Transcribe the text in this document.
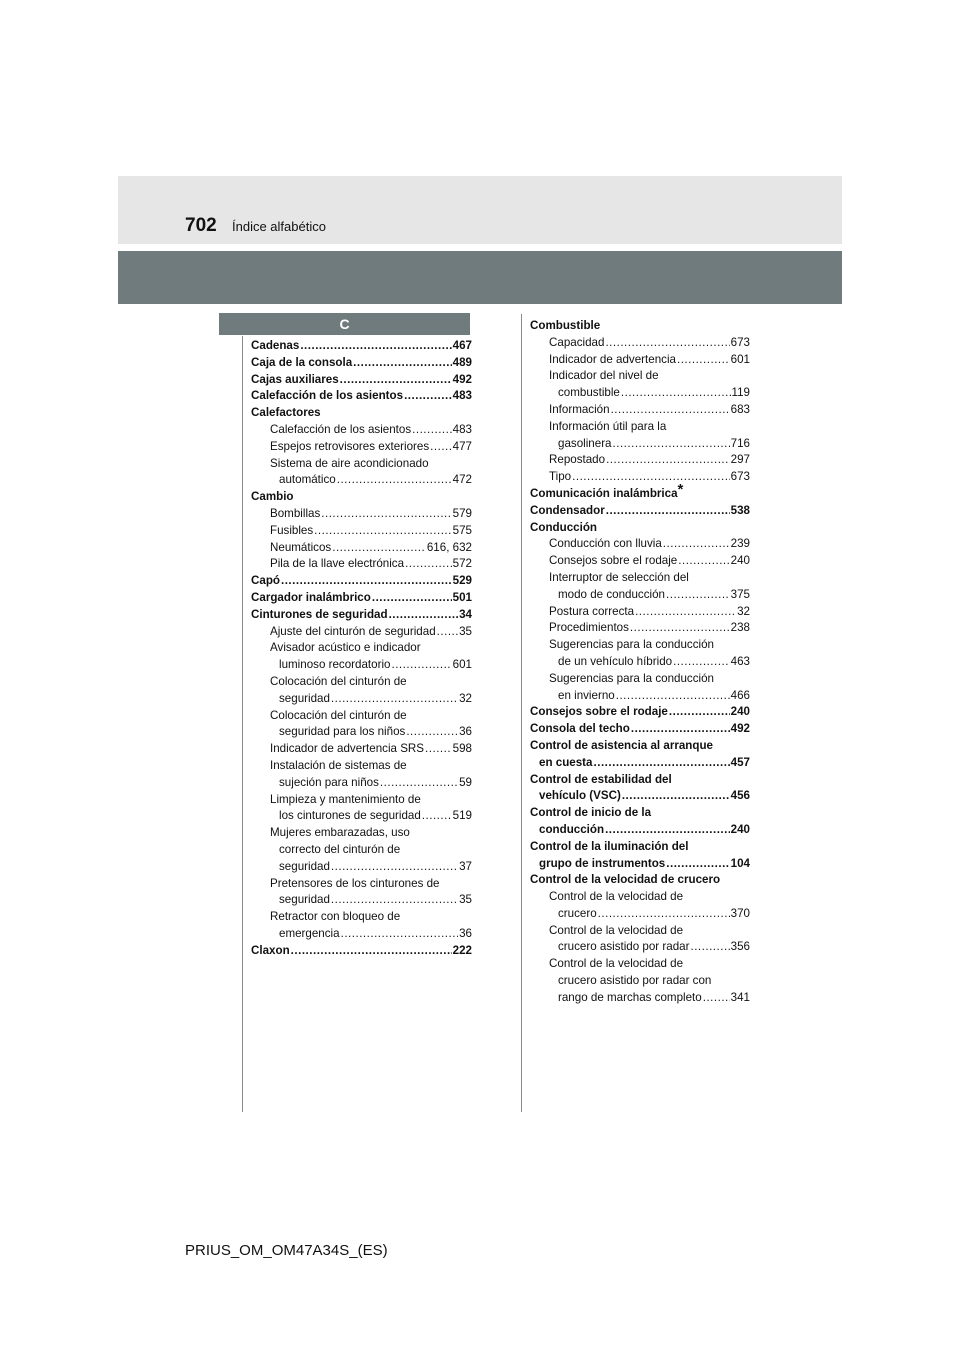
702 Índice alfabético
C
Cadenas .....	467
Caja de la consola .....	489
Cajas auxiliares .....	492
Calefacción de los asientos .....	483
Calefactores
Calefacción de los asientos .....	483
Espejos retrovisores exteriores ..... 477
Sistema de aire acondicionado
automático .....	472
Cambio
Bombillas .....	579
Fusibles .....	575
Neumáticos .....	616, 632
Pila de la llave electrónica .....	572
Capó .....	529
Cargador inalámbrico .....	501
Cinturones de seguridad .....	34
Ajuste del cinturón de seguridad ..... 35
Avisador acústico e indicador
luminoso recordatorio .....	601
Colocación del cinturón de
seguridad .....	32
Colocación del cinturón de
seguridad para los niños .....	36
Indicador de advertencia SRS ..... 598
Instalación de sistemas de
sujeción para niños .....	59
Limpieza y mantenimiento de
los cinturones de seguridad .....	519
Mujeres embarazadas, uso
correcto del cinturón de
seguridad .....	37
Pretensores de los cinturones de
seguridad .....	35
Retractor con bloqueo de
emergencia .....	36
Claxon .....	222
Combustible
Capacidad .....	673
Indicador de advertencia .....	601
Indicador del nivel de
combustible .....	119
Información .....	683
Información útil para la
gasolinera .....	716
Repostado .....	297
Tipo .....	673
Comunicación inalámbrica*
Condensador .....	538
Conducción
Conducción con lluvia .....	239
Consejos sobre el rodaje .....	240
Interruptor de selección del
modo de conducción .....	375
Postura correcta .....	32
Procedimientos .....	238
Sugerencias para la conducción
de un vehículo híbrido .....	463
Sugerencias para la conducción
en invierno .....	466
Consejos sobre el rodaje .....	240
Consola del techo .....	492
Control de asistencia al arranque
en cuesta .....	457
Control de estabilidad del
vehículo (VSC) .....	456
Control de inicio de la
conducción .....	240
Control de la iluminación del
grupo de instrumentos .....	104
Control de la velocidad de crucero
Control de la velocidad de
crucero .....	370
Control de la velocidad de
crucero asistido por radar .....	356
Control de la velocidad de
crucero asistido por radar con
rango de marchas completo ..... 341
PRIUS_OM_OM47A34S_(ES)
